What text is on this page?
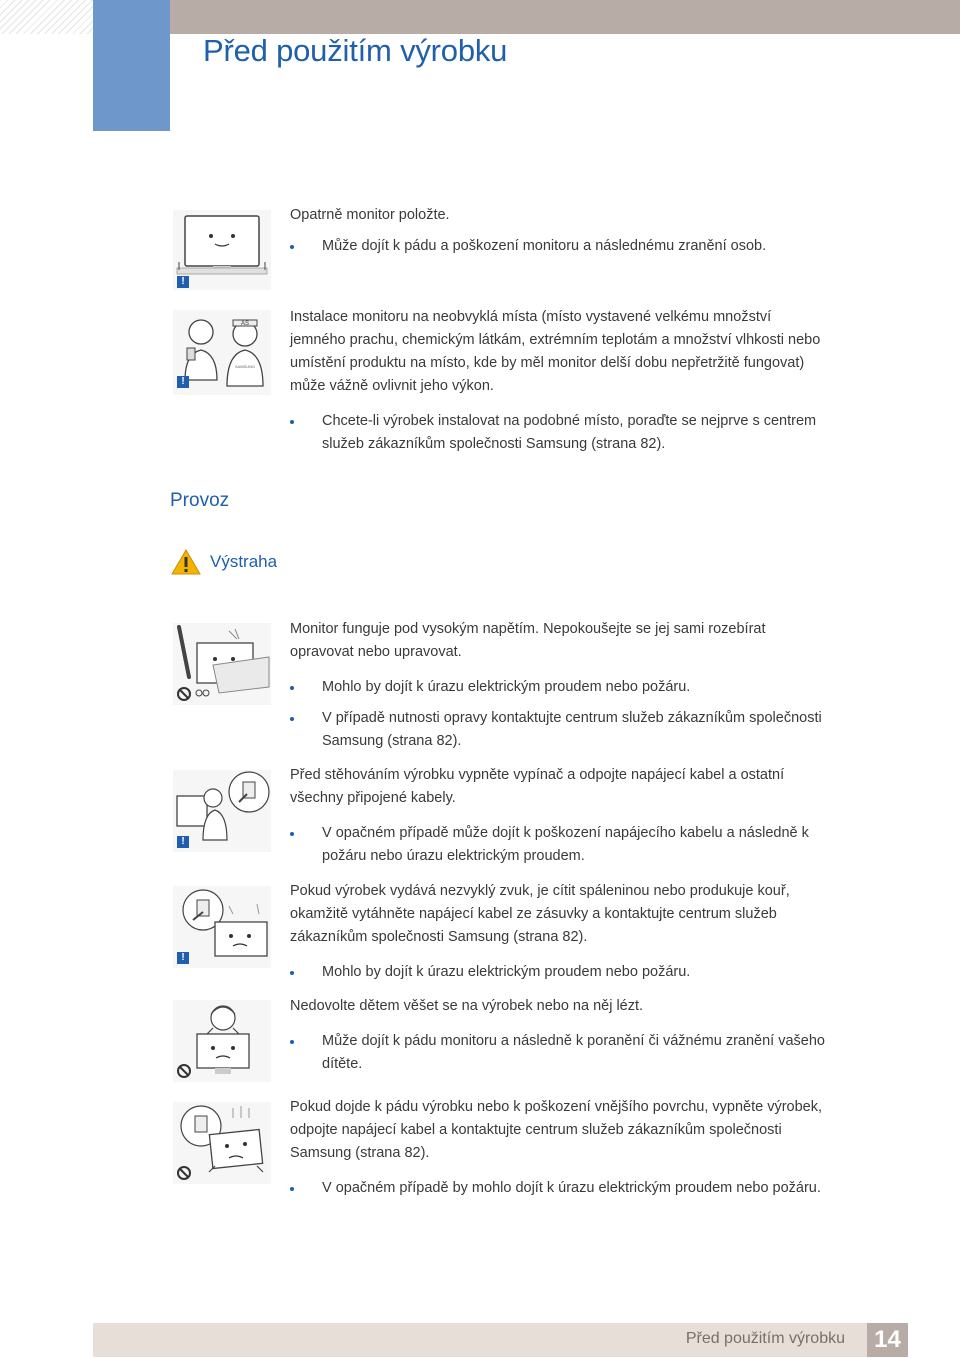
Před použitím výrobku
!

Opatrně monitor položte.

Může dojít k pádu a poškození monitoru a následnému zranění osob.
AS
SAMSUNG
!

Instalace monitoru na neobvyklá místa (místo vystavené velkému množství jemného prachu, chemickým látkám, extrémním teplotám a množství vlhkosti nebo umístění produktu na místo, kde by měl monitor delší dobu nepřetržitě fungovat) může vážně ovlivnit jeho výkon.

Chcete-li výrobek instalovat na podobné místo, poraďte se nejprve s centrem služeb zákazníkům společnosti Samsung (strana 82).
Provoz
Výstraha

Monitor funguje pod vysokým napětím. Nepokoušejte se jej sami rozebírat opravovat nebo upravovat.

Mohlo by dojít k úrazu elektrickým proudem nebo požáru.
V případě nutnosti opravy kontaktujte centrum služeb zákazníkům společnosti Samsung (strana 82).
!

Před stěhováním výrobku vypněte vypínač a odpojte napájecí kabel a ostatní všechny připojené kabely.

V opačném případě může dojít k poškození napájecího kabelu a následně k požáru nebo úrazu elektrickým proudem.
!

Pokud výrobek vydává nezvyklý zvuk, je cítit spáleninou nebo produkuje kouř, okamžitě vytáhněte napájecí kabel ze zásuvky a kontaktujte centrum služeb zákazníkům společnosti Samsung (strana 82).

Mohlo by dojít k úrazu elektrickým proudem nebo požáru.

Nedovolte dětem věšet se na výrobek nebo na něj lézt.

Může dojít k pádu monitoru a následně k poranění či vážnému zranění vašeho dítěte.

Pokud dojde k pádu výrobku nebo k poškození vnějšího povrchu, vypněte výrobek, odpojte napájecí kabel a kontaktujte centrum služeb zákazníkům společnosti Samsung (strana 82).

V opačném případě by mohlo dojít k úrazu elektrickým proudem nebo požáru.
Před použitím výrobku 14
